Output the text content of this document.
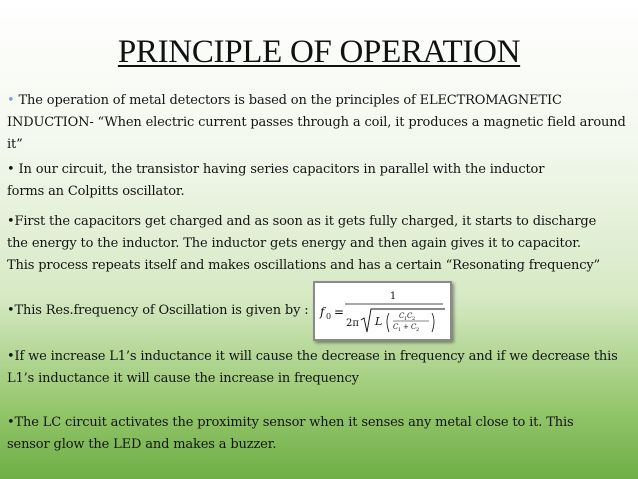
PRINCIPLE OF OPERATION

• The operation of metal detectors is based on the principles of ELECTROMAGNETIC
INDUCTION- “When electric current passes through a coil, it produces a magnetic field around
it”

• In our circuit, the transistor having series capacitors in parallel with the inductor
forms an Colpitts oscillator.

•First the capacitors get charged and as soon as it gets fully charged, it starts to discharge
the energy to the inductor. The inductor gets energy and then again gives it to capacitor.
This process repeats itself and makes oscillations and has a certain “Resonating frequency”

•This Res.frequency of Oscillation is given by : f 0 =
1
2π L C 1 C 2
C 1 + C 2

•If we increase L1’s inductance it will cause the decrease in frequency and if we decrease this
L1’s inductance it will cause the increase in frequency

•The LC circuit activates the proximity sensor when it senses any metal close to it. This
sensor glow the LED and makes a buzzer.
